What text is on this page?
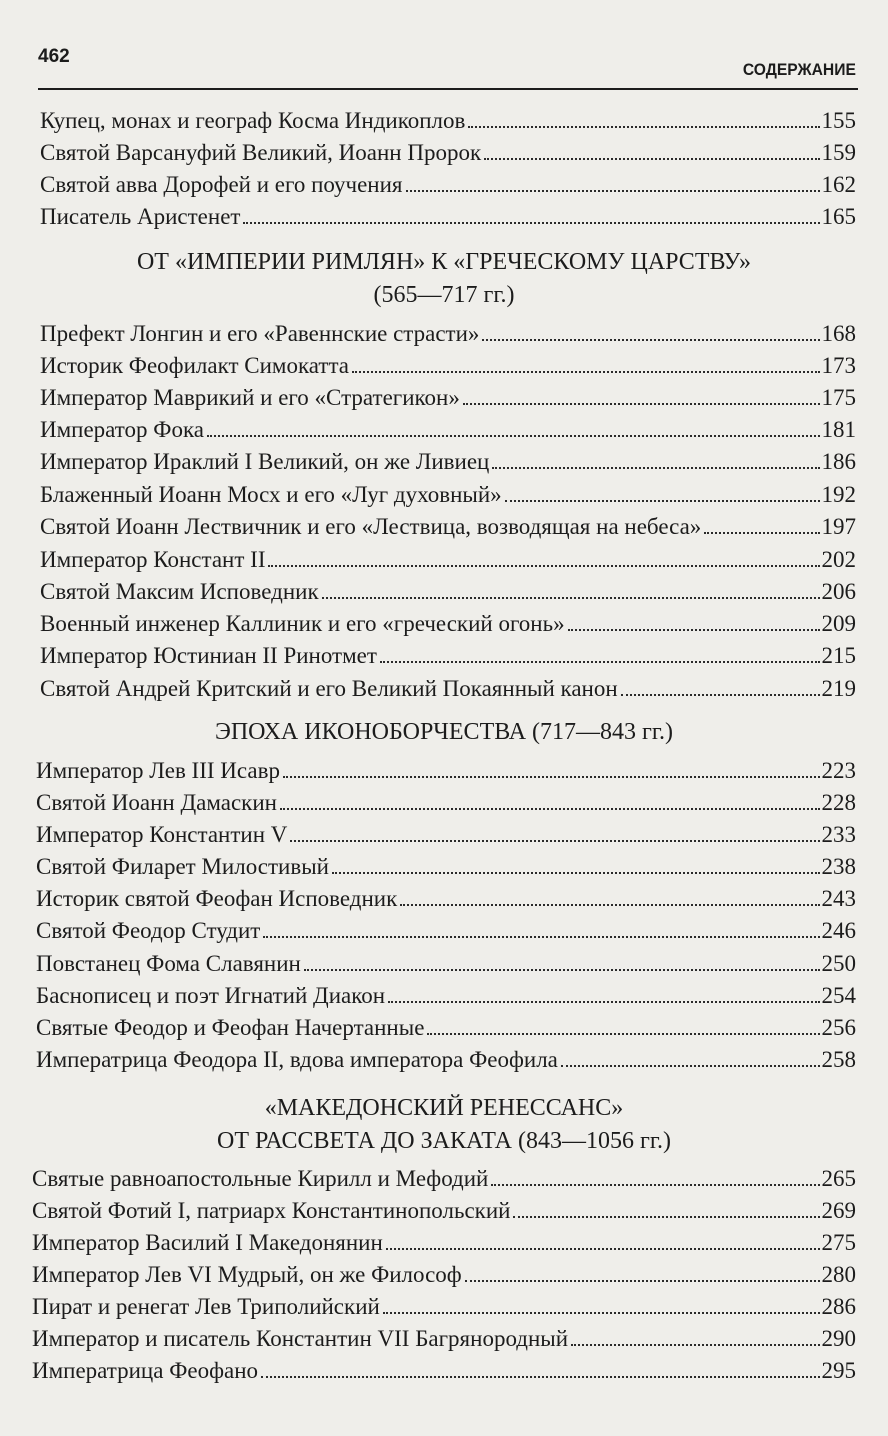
462
СОДЕРЖАНИЕ
Купец, монах и географ Косма Индикоплов	155
Святой Варсануфий Великий, Иоанн Пророк	159
Святой авва Дорофей и его поучения	162
Писатель Аристенет	165
ОТ «ИМПЕРИИ РИМЛЯН» К «ГРЕЧЕСКОМУ ЦАРСТВУ»
(565—717 гг.)
Префект Лонгин и его «Равеннские страсти»	168
Историк Феофилакт Симокатта	173
Император Маврикий и его «Стратегикон»	175
Император Фока	181
Император Ираклий I Великий, он же Ливиец	186
Блаженный Иоанн Мосх и его «Луг духовный»	192
Святой Иоанн Лествичник и его «Лествица, возводящая на небеса»	197
Император Констант II	202
Святой Максим Исповедник	206
Военный инженер Каллиник и его «греческий огонь»	209
Император Юстиниан II Ринотмет	215
Святой Андрей Критский и его Великий Покаянный канон	219
ЭПОХА ИКОНОБОРЧЕСТВА (717—843 гг.)
Император Лев III Исавр	223
Святой Иоанн Дамаскин	228
Император Константин V	233
Святой Филарет Милостивый	238
Историк святой Феофан Исповедник	243
Святой Феодор Студит	246
Повстанец Фома Славянин	250
Баснописец и поэт Игнатий Диакон	254
Святые Феодор и Феофан Начертанные	256
Императрица Феодора II, вдова императора Феофила	258
«МАКЕДОНСКИЙ РЕНЕССАНС»
ОТ РАССВЕТА ДО ЗАКАТА (843—1056 гг.)
Святые равноапостольные Кирилл и Мефодий	265
Святой Фотий I, патриарх Константинопольский	269
Император Василий I Македонянин	275
Император Лев VI Мудрый, он же Философ	280
Пират и ренегат Лев Триполийский	286
Император и писатель Константин VII Багрянородный	290
Императрица Феофано	295
